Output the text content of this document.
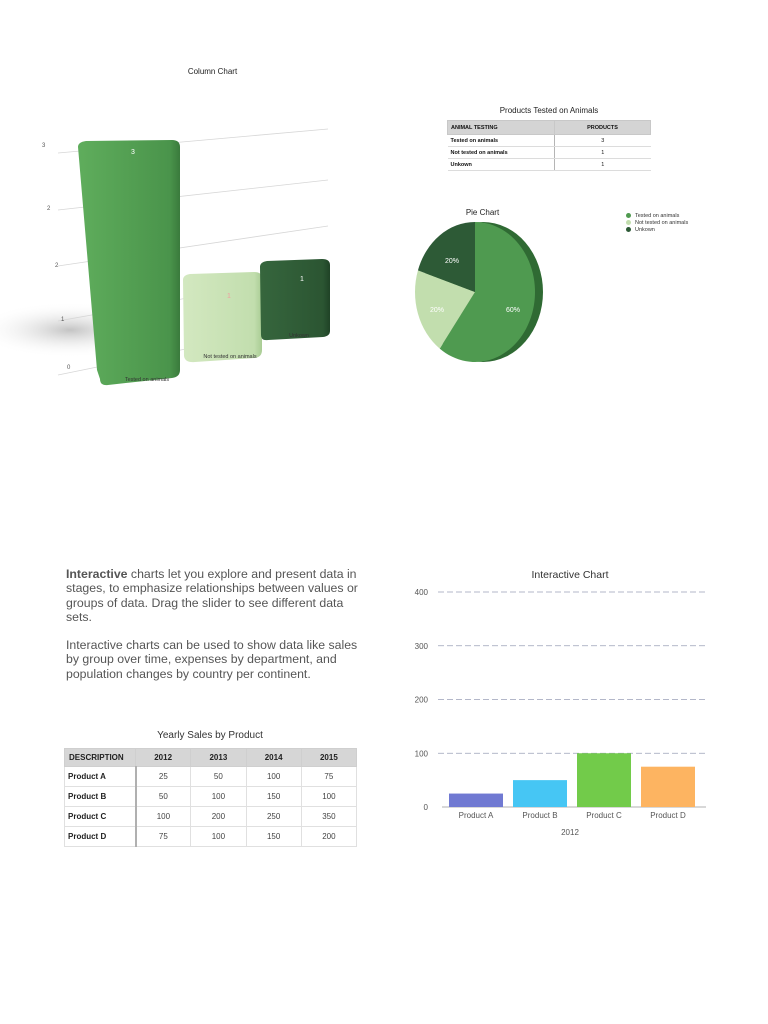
Column Chart
3
2
2
1
0
3
1
1
Tested on animals
Not tested on animals
Unkown
Products Tested on Animals
ANIMAL TESTING	PRODUCTS
Tested on animals	3
Not tested on animals	1
Unkown	1
Pie Chart
60%
20%
20%
Tested on animals
Not tested on animals
Unkown
Interactive charts let you explore and present data in stages, to emphasize relationships between values or groups of data. Drag the slider to see different data sets.
Interactive charts can be used to show data like sales by group over time, expenses by department, and population changes by country per continent.
Yearly Sales by Product
DESCRIPTION	2012	2013	2014	2015
Product A	25	50	100	75
Product B	50	100	150	100
Product C	100	200	250	350
Product D	75	100	150	200
Interactive Chart
400
300
200
100
0
Product A	Product B	Product C	Product D
2012
